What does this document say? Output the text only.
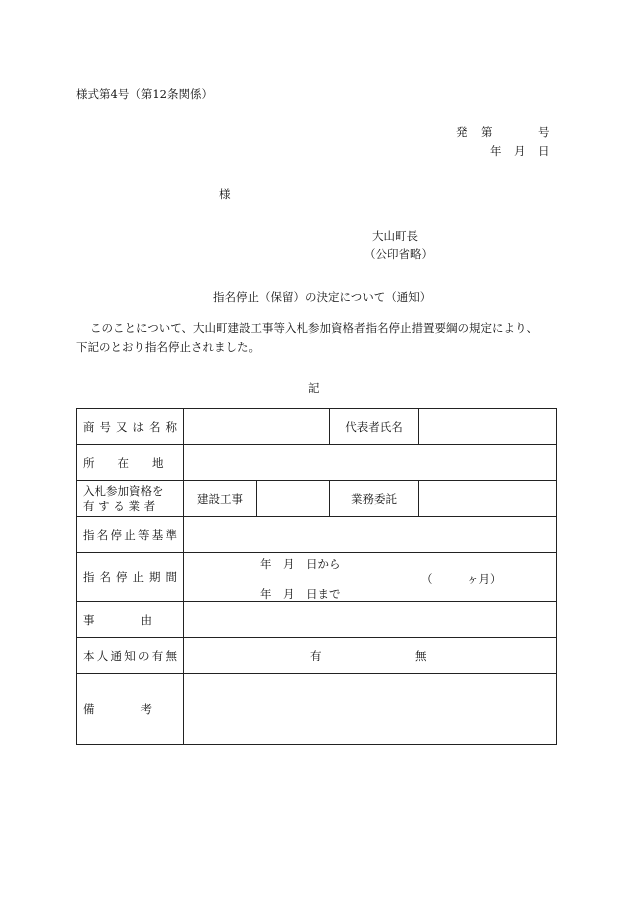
様式第4号（第12条関係）
発 第	号
年 月 日
様
大山町長
（公印省略）
指名停止（保留）の決定について（通知）
このことについて、大山町建設工事等入札参加資格者指名停止措置要綱の規定により、
下記のとおり指名停止されました。
記
商号又は名称			代表者氏名	
所　　在　　地				

入札参加資格を
有 す る 業 者	建設工事		業務委託	
指名停止等基準				
指名停止期間	年　月　日から
年　月　日まで
（　　　ヶ月）			

事　　　　由				
本人通知の有無	有 無			

備　　　　考				
